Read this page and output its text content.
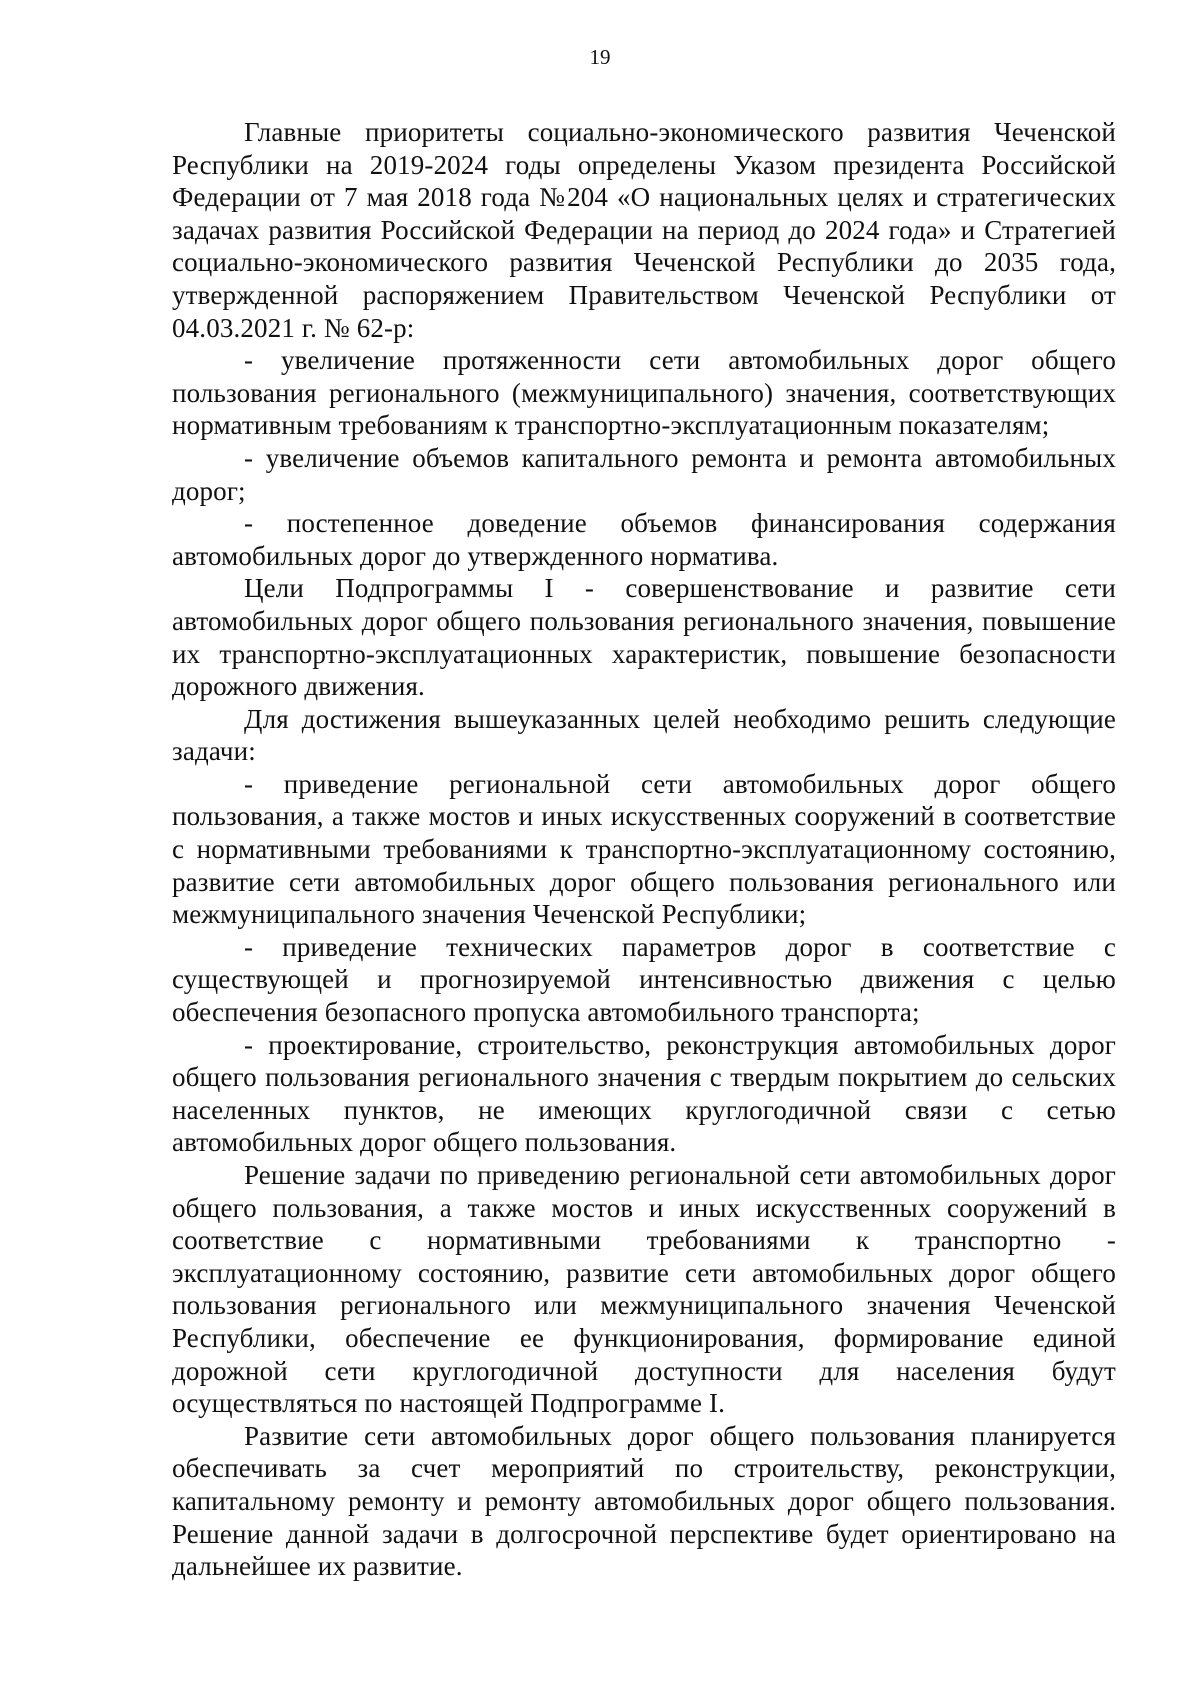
19

Главные приоритеты социально-экономического развития Чеченской Республики на 2019-2024 годы определены Указом президента Российской Федерации от 7 мая 2018 года №204 «О национальных целях и стратегических задачах развития Российской Федерации на период до 2024 года» и Стратегией социально-экономического развития Чеченской Республики до 2035 года, утвержденной распоряжением Правительством Чеченской Республики от 04.03.2021 г. № 62-р:

- увеличение протяженности сети автомобильных дорог общего пользования регионального (межмуниципального) значения, соответствующих нормативным требованиям к транспортно-эксплуатационным показателям;

- увеличение объемов капитального ремонта и ремонта автомобильных дорог;

- постепенное доведение объемов финансирования содержания автомобильных дорог до утвержденного норматива.

Цели Подпрограммы I - совершенствование и развитие сети автомобильных дорог общего пользования регионального значения, повышение их транспортно-эксплуатационных характеристик, повышение безопасности дорожного движения.

Для достижения вышеуказанных целей необходимо решить следующие задачи:

- приведение региональной сети автомобильных дорог общего пользования, а также мостов и иных искусственных сооружений в соответствие с нормативными требованиями к транспортно-эксплуатационному состоянию, развитие сети автомобильных дорог общего пользования регионального или межмуниципального значения Чеченской Республики;

- приведение технических параметров дорог в соответствие с существующей и прогнозируемой интенсивностью движения с целью обеспечения безопасного пропуска автомобильного транспорта;

- проектирование, строительство, реконструкция автомобильных дорог общего пользования регионального значения с твердым покрытием до сельских населенных пунктов, не имеющих круглогодичной связи с сетью автомобильных дорог общего пользования.

Решение задачи по приведению региональной сети автомобильных дорог общего пользования, а также мостов и иных искусственных сооружений в соответствие с нормативными требованиями к транспортно - эксплуатационному состоянию, развитие сети автомобильных дорог общего пользования регионального или межмуниципального значения Чеченской Республики, обеспечение ее функционирования, формирование единой дорожной сети круглогодичной доступности для населения будут осуществляться по настоящей Подпрограмме I.

Развитие сети автомобильных дорог общего пользования планируется обеспечивать за счет мероприятий по строительству, реконструкции, капитальному ремонту и ремонту автомобильных дорог общего пользования. Решение данной задачи в долгосрочной перспективе будет ориентировано на дальнейшее их развитие.
